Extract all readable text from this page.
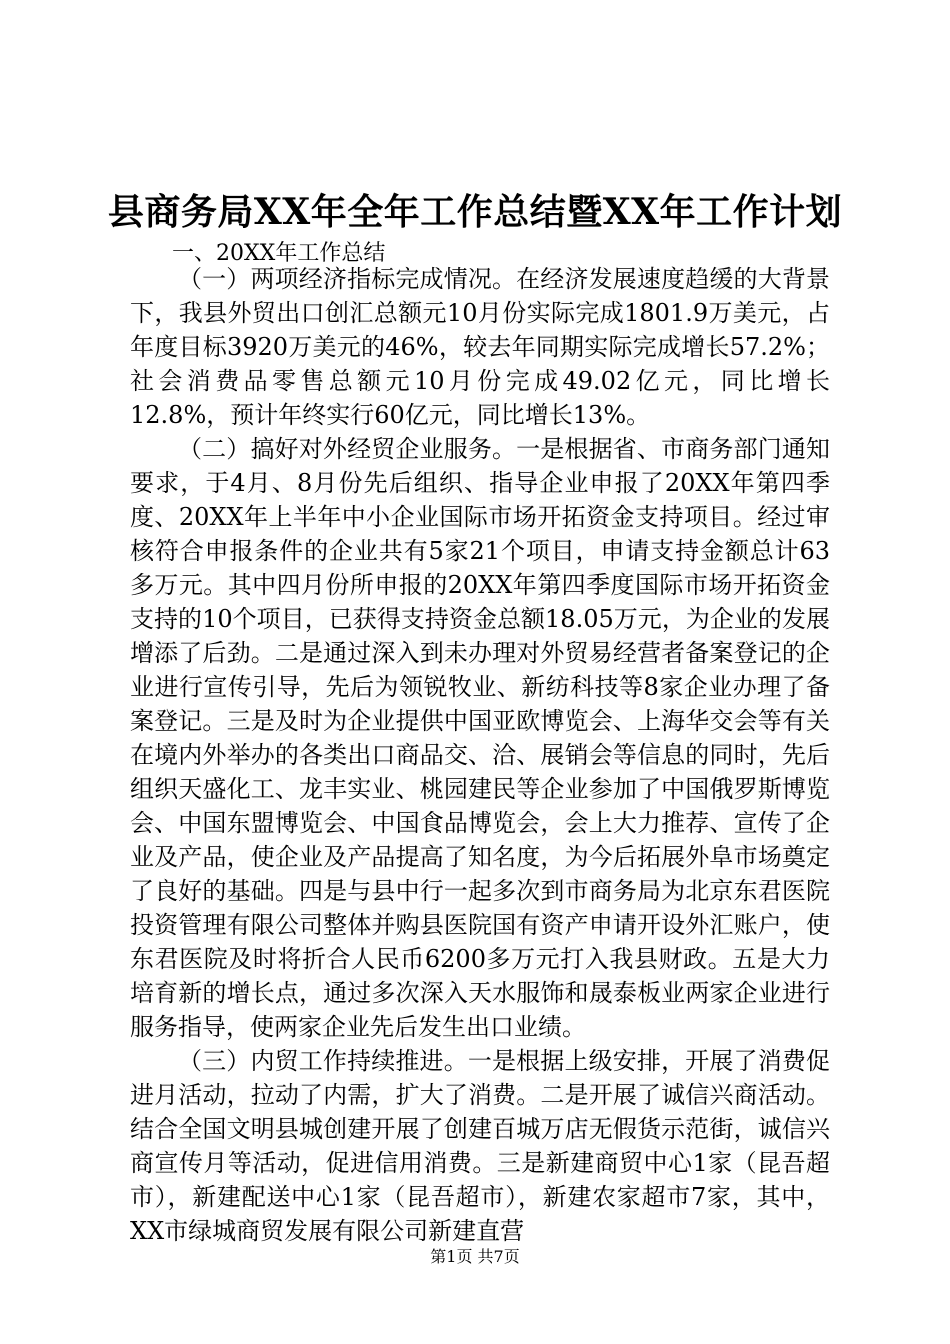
县商务局XX年全年工作总结暨XX年工作计划
一、20XX年工作总结

（一）两项经济指标完成情况。在经济发展速度趋缓的大背景下，我县外贸出口创汇总额元10月份实际完成1801.9万美元，占年度目标3920万美元的46%，较去年同期实际完成增长57.2%；社会消费品零售总额元10月份完成49.02亿元，同比增长12.8%，预计年终实行60亿元，同比增长13%。

（二）搞好对外经贸企业服务。一是根据省、市商务部门通知要求，于4月、8月份先后组织、指导企业申报了20XX年第四季度、20XX年上半年中小企业国际市场开拓资金支持项目。经过审核符合申报条件的企业共有5家21个项目，申请支持金额总计63多万元。其中四月份所申报的20XX年第四季度国际市场开拓资金支持的10个项目，已获得支持资金总额18.05万元，为企业的发展增添了后劲。二是通过深入到未办理对外贸易经营者备案登记的企业进行宣传引导，先后为领锐牧业、新纺科技等8家企业办理了备案登记。三是及时为企业提供中国亚欧博览会、上海华交会等有关在境内外举办的各类出口商品交、洽、展销会等信息的同时，先后组织天盛化工、龙丰实业、桃园建民等企业参加了中国俄罗斯博览会、中国东盟博览会、中国食品博览会，会上大力推荐、宣传了企业及产品，使企业及产品提高了知名度，为今后拓展外阜市场奠定了良好的基础。四是与县中行一起多次到市商务局为北京东君医院投资管理有限公司整体并购县医院国有资产申请开设外汇账户，使东君医院及时将折合人民币6200多万元打入我县财政。五是大力培育新的增长点，通过多次深入天水服饰和晟泰板业两家企业进行服务指导，使两家企业先后发生出口业绩。

（三）内贸工作持续推进。一是根据上级安排，开展了消费促进月活动，拉动了内需，扩大了消费。二是开展了诚信兴商活动。结合全国文明县城创建开展了创建百城万店无假货示范街，诚信兴商宣传月等活动，促进信用消费。三是新建商贸中心1家（昆吾超市），新建配送中心1家（昆吾超市），新建农家超市7家，其中，XX市绿城商贸发展有限公司新建直营

第1页 共7页
